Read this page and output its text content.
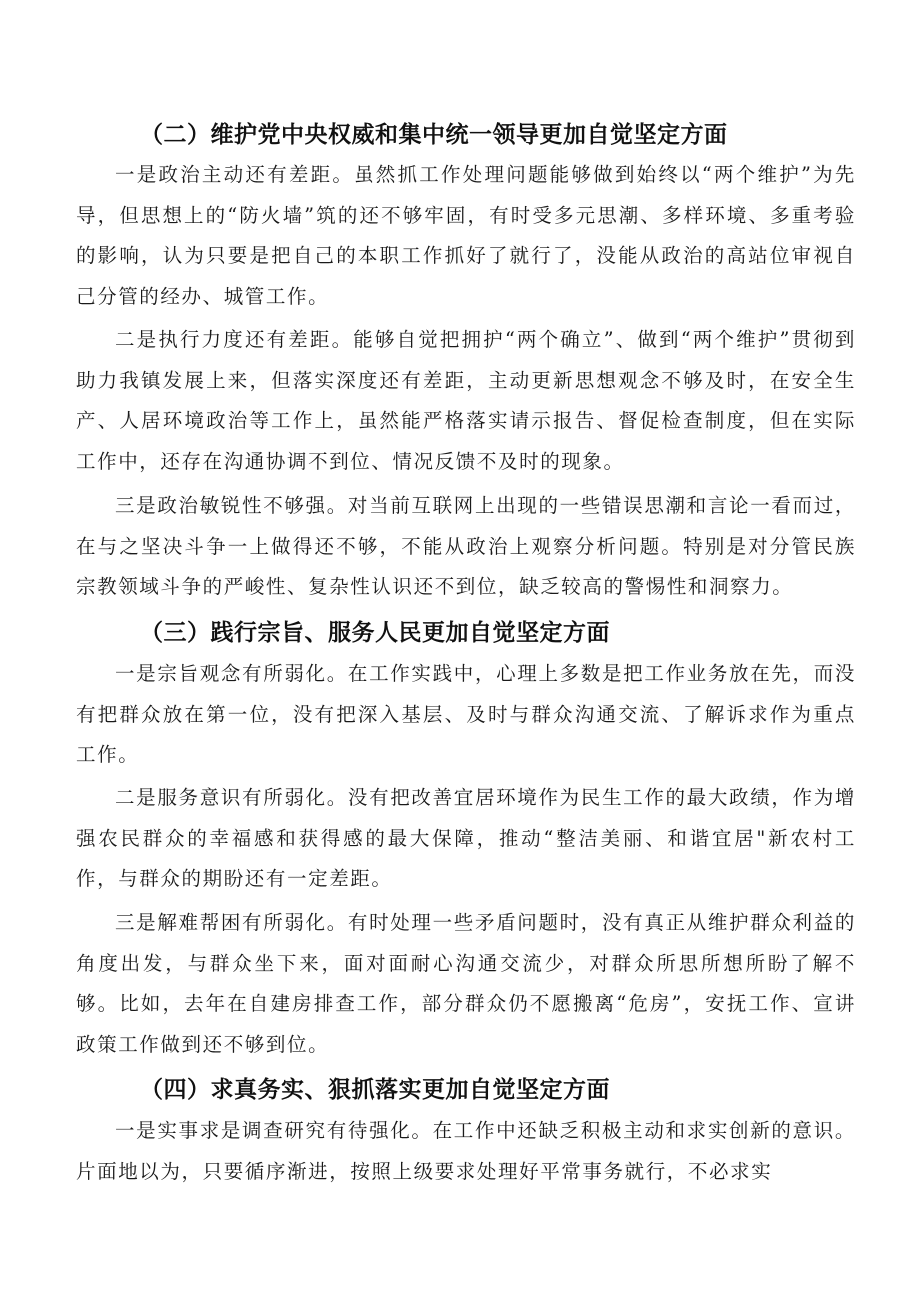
（二）维护党中央权威和集中统一领导更加自觉坚定方面

一是政治主动还有差距。虽然抓工作处理问题能够做到始终以“两个维护”为先导，但思想上的“防火墙”筑的还不够牢固，有时受多元思潮、多样环境、多重考验的影响，认为只要是把自己的本职工作抓好了就行了，没能从政治的高站位审视自己分管的经办、城管工作。

二是执行力度还有差距。能够自觉把拥护“两个确立”、做到“两个维护”贯彻到助力我镇发展上来，但落实深度还有差距，主动更新思想观念不够及时，在安全生产、人居环境政治等工作上，虽然能严格落实请示报告、督促检查制度，但在实际工作中，还存在沟通协调不到位、情况反馈不及时的现象。

三是政治敏锐性不够强。对当前互联网上出现的一些错误思潮和言论一看而过，在与之坚决斗争一上做得还不够，不能从政治上观察分析问题。特别是对分管民族宗教领域斗争的严峻性、复杂性认识还不到位，缺乏较高的警惕性和洞察力。

（三）践行宗旨、服务人民更加自觉坚定方面

一是宗旨观念有所弱化。在工作实践中，心理上多数是把工作业务放在先，而没有把群众放在第一位，没有把深入基层、及时与群众沟通交流、了解诉求作为重点工作。

二是服务意识有所弱化。没有把改善宜居环境作为民生工作的最大政绩，作为增强农民群众的幸福感和获得感的最大保障，推动“整洁美丽、和谐宜居"新农村工作，与群众的期盼还有一定差距。

三是解难帮困有所弱化。有时处理一些矛盾问题时，没有真正从维护群众利益的角度出发，与群众坐下来，面对面耐心沟通交流少，对群众所思所想所盼了解不够。比如，去年在自建房排查工作，部分群众仍不愿搬离“危房”，安抚工作、宣讲政策工作做到还不够到位。

（四）求真务实、狠抓落实更加自觉坚定方面

一是实事求是调查研究有待强化。在工作中还缺乏积极主动和求实创新的意识。片面地以为，只要循序渐进，按照上级要求处理好平常事务就行，不必求实
